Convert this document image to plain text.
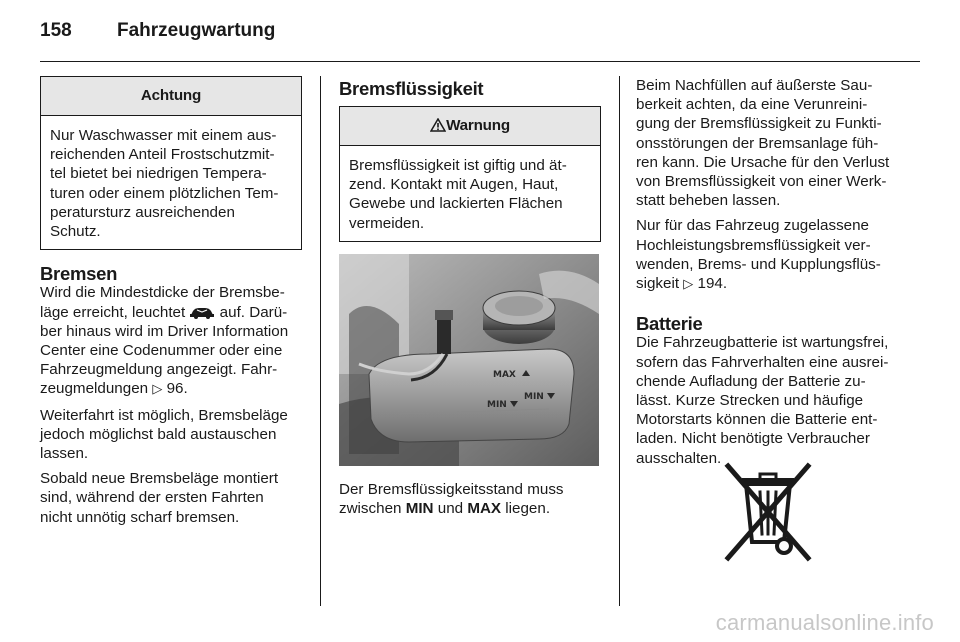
158 Fahrzeugwartung
Achtung
Nur Waschwasser mit einem aus-
reichenden Anteil Frostschutzmit-
tel bietet bei niedrigen Tempera-
turen oder einem plötzlichen Tem-
peratursturz ausreichenden
Schutz.
Bremsen

Wird die Mindestdicke der Bremsbe-
läge erreicht, leuchtet  auf. Darü-
ber hinaus wird im Driver Information
Center eine Codenummer oder eine
Fahrzeugmeldung angezeigt. Fahr-
zeugmeldungen ▷ 96.

Weiterfahrt ist möglich, Bremsbeläge
jedoch möglichst bald austauschen
lassen.

Sobald neue Bremsbeläge montiert
sind, während der ersten Fahrten
nicht unnötig scharf bremsen.

Bremsflüssigkeit
Warnung
Bremsflüssigkeit ist giftig und ät-
zend. Kontakt mit Augen, Haut,
Gewebe und lackierten Flächen
vermeiden.
MAX
MIN
MIN

Der Bremsflüssigkeitsstand muss
zwischen MIN und MAX liegen.

Beim Nachfüllen auf äußerste Sau-
berkeit achten, da eine Verunreini-
gung der Bremsflüssigkeit zu Funkti-
onsstörungen der Bremsanlage füh-
ren kann. Die Ursache für den Verlust
von Bremsflüssigkeit von einer Werk-
statt beheben lassen.

Nur für das Fahrzeug zugelassene
Hochleistungsbremsflüssigkeit ver-
wenden, Brems- und Kupplungsflüs-
sigkeit ▷ 194.

Batterie

Die Fahrzeugbatterie ist wartungsfrei,
sofern das Fahrverhalten eine ausrei-
chende Aufladung der Batterie zu-
lässt. Kurze Strecken und häufige
Motorstarts können die Batterie ent-
laden. Nicht benötigte Verbraucher
ausschalten.

carmanualsonline.info
